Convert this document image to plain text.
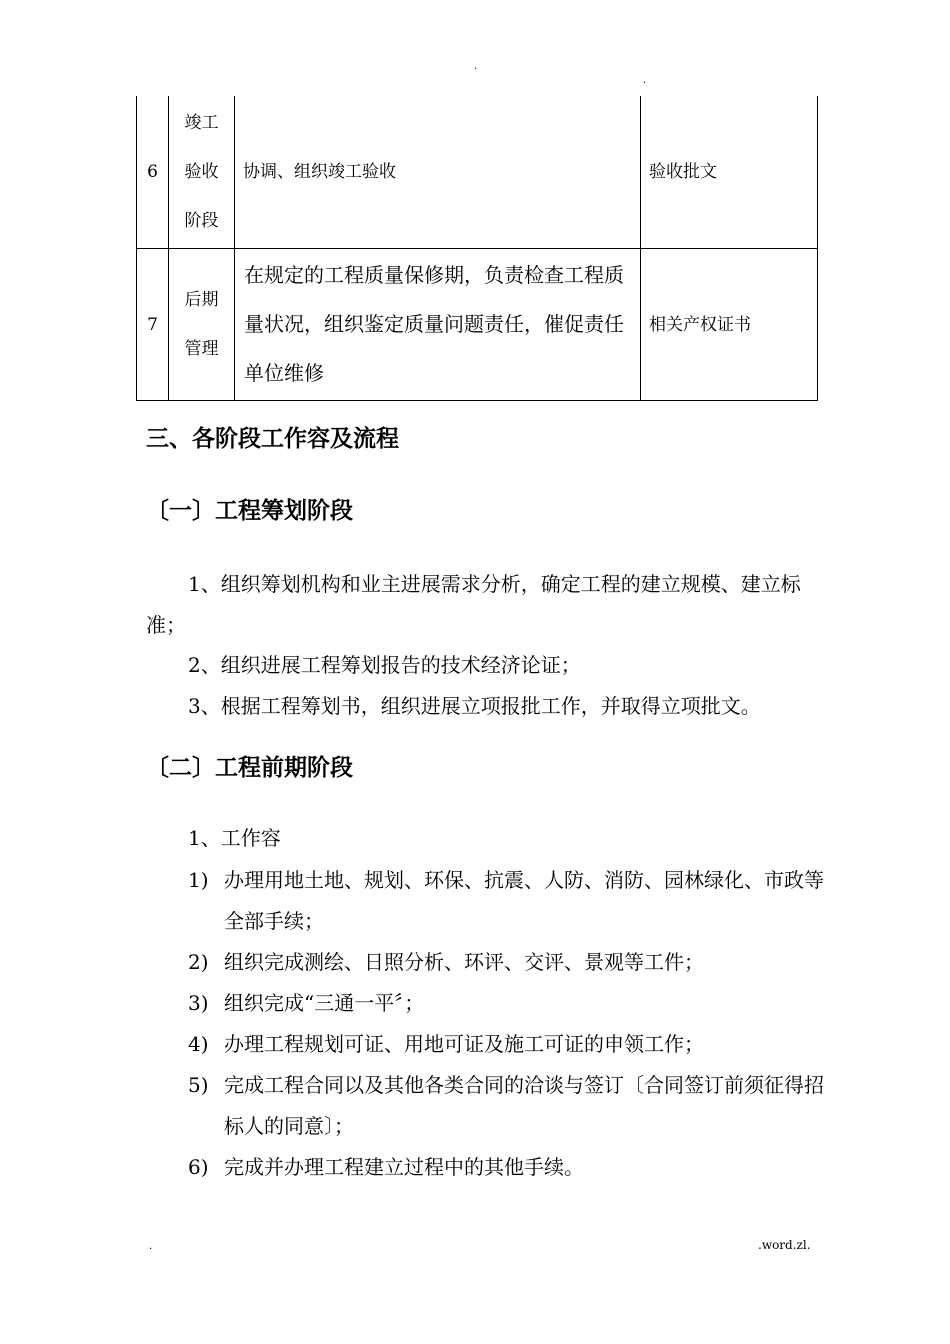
.
.
6	竣工
验收
阶段	协调、组织竣工验收	验收批文
7	后期
管理	在规定的工程质量保修期，负责检查工程质量状况，组织鉴定质量问题责任，催促责任单位维修	相关产权证书
三、各阶段工作容及流程
〔一〕工程筹划阶段

1、组织筹划机构和业主进展需求分析，确定工程的建立规模、建立标准；

2、组织进展工程筹划报告的技术经济论证；

3、根据工程筹划书，组织进展立项报批工作，并取得立项批文。

〔二〕工程前期阶段

1、工作容

1) 办理用地土地、规划、环保、抗震、人防、消防、园林绿化、市政等全部手续；
2) 组织完成测绘、日照分析、环评、交评、景观等工件；
3) 组织完成“三通一平〞；
4) 办理工程规划可证、用地可证及施工可证的申领工作；
5) 完成工程合同以及其他各类合同的洽谈与签订〔合同签订前须征得招标人的同意〕；
6) 完成并办理工程建立过程中的其他手续。
.	.word.zl.
